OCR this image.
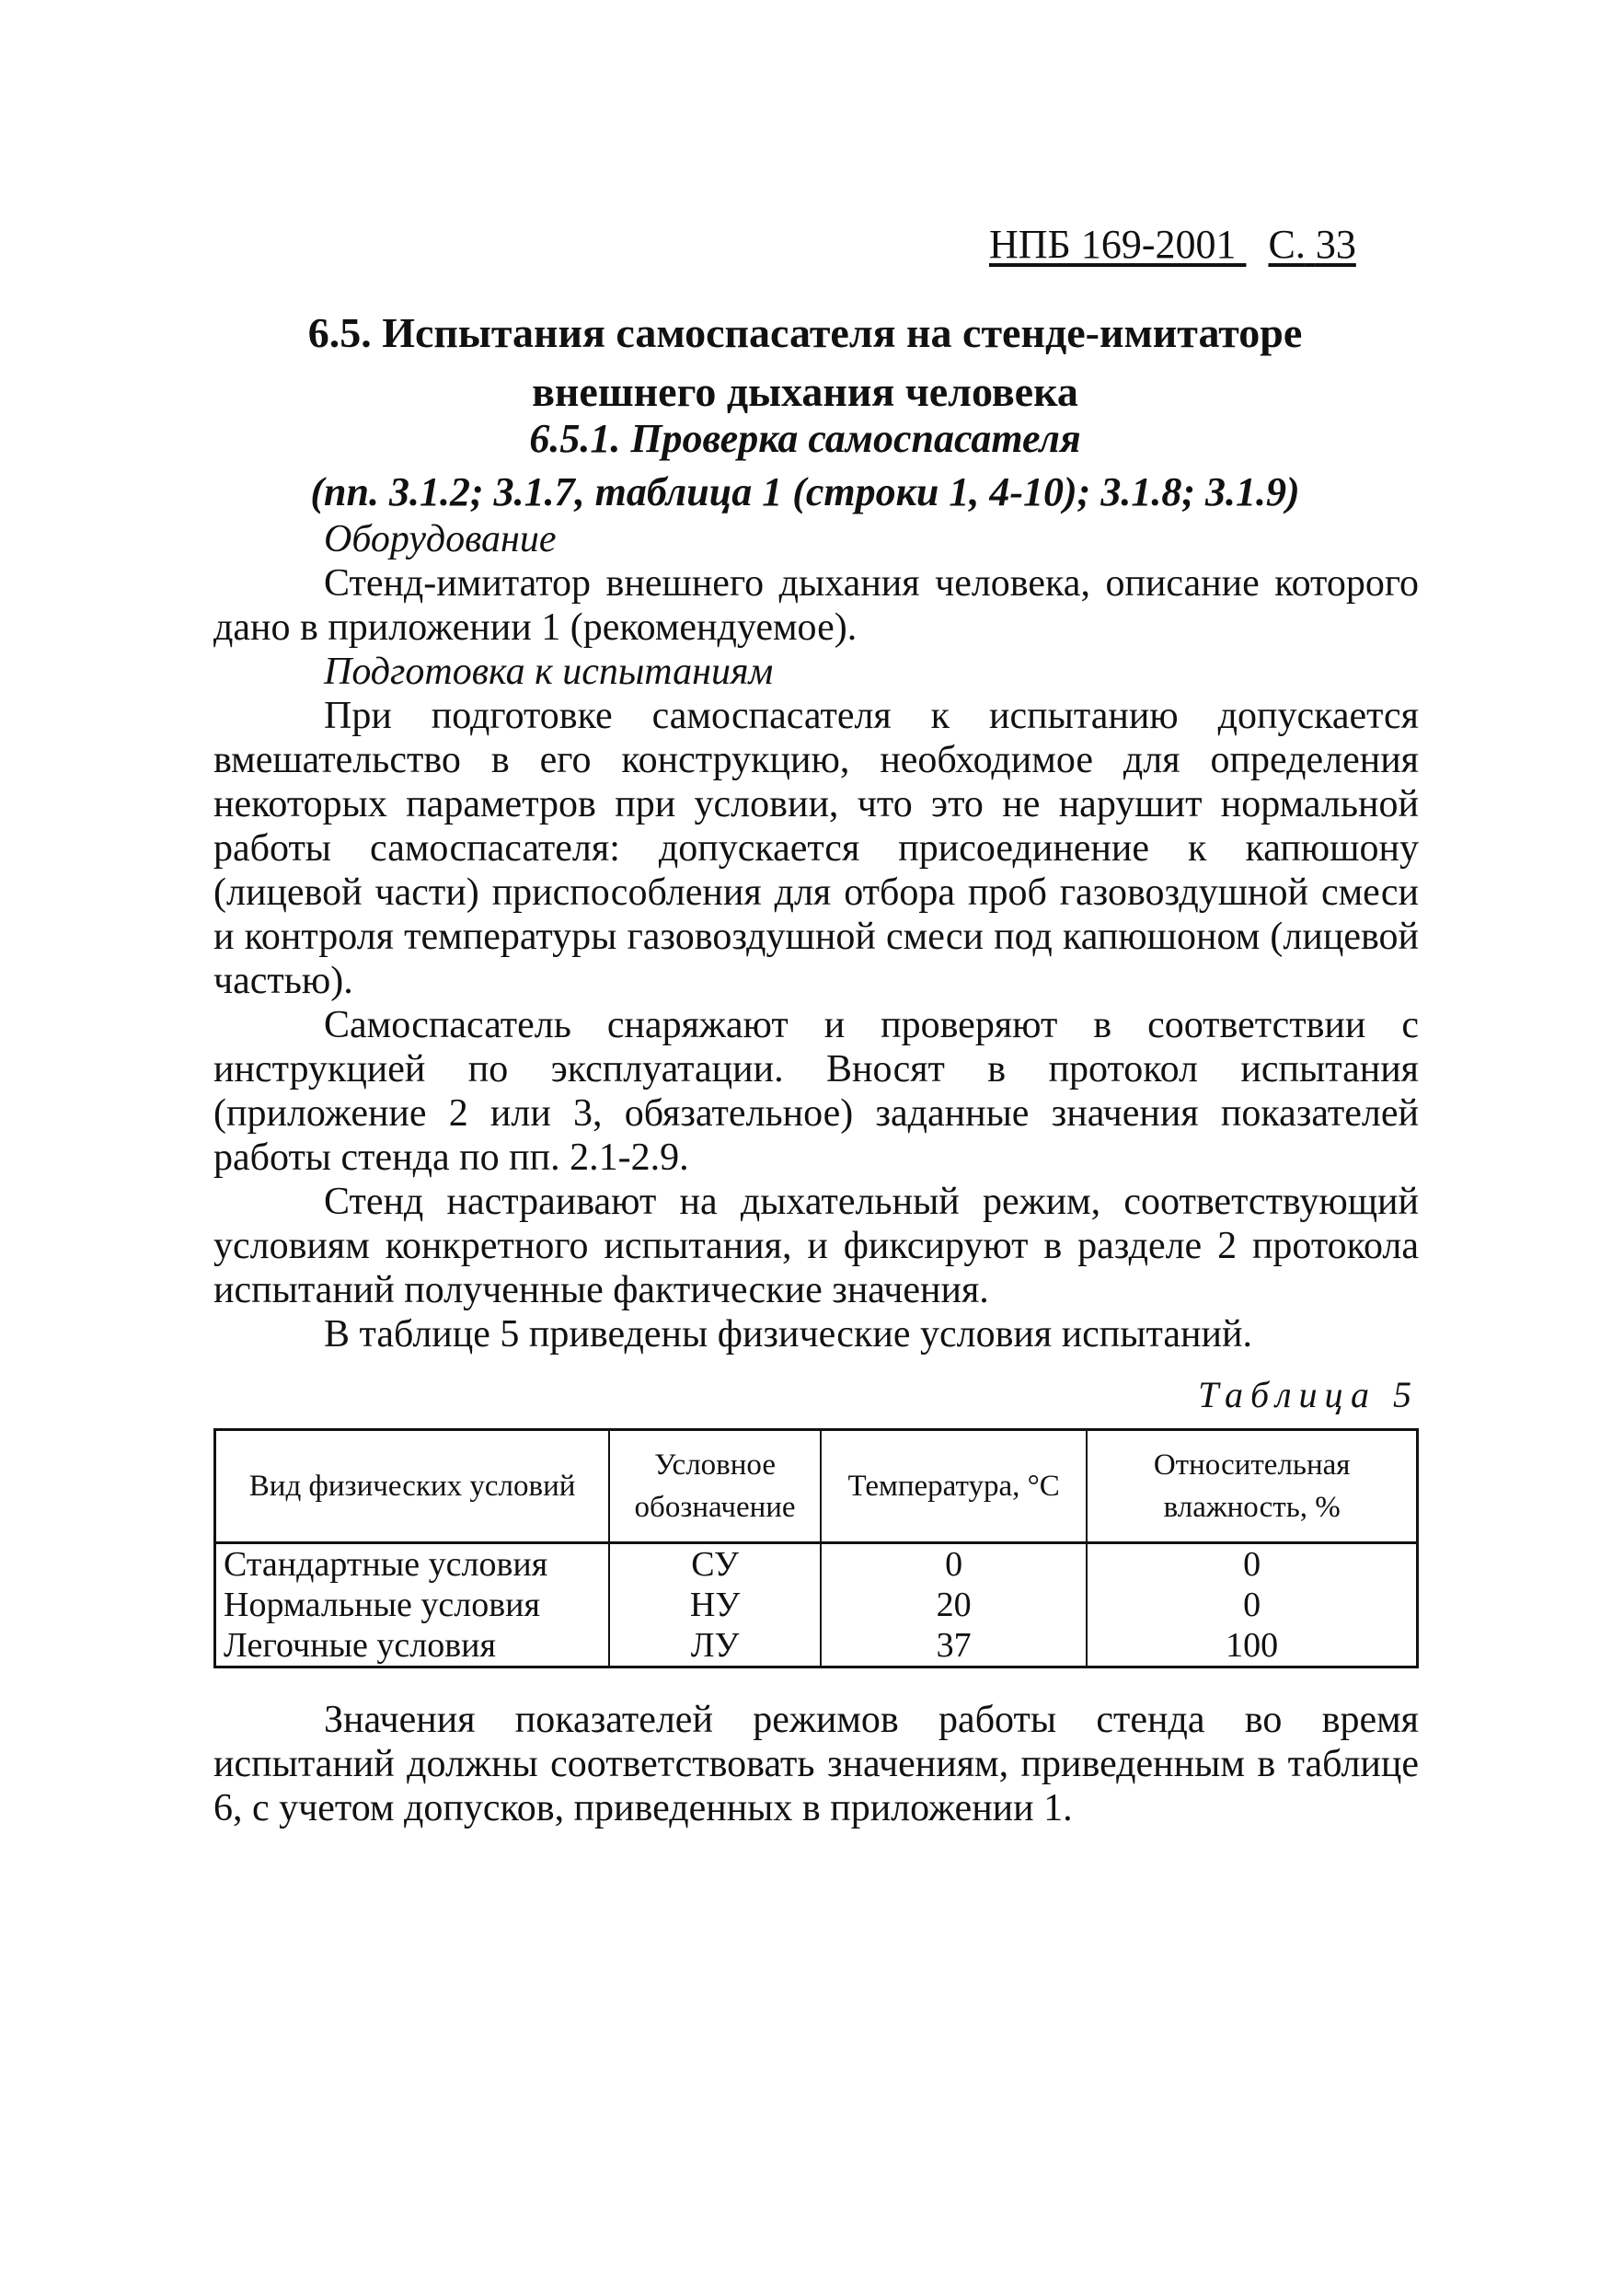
НПБ 169-2001 С. 33
6.5. Испытания самоспасателя на стенде-имитаторе
внешнего дыхания человека
6.5.1. Проверка самоспасателя
(пп. 3.1.2; 3.1.7, таблица 1 (строки 1, 4-10); 3.1.8; 3.1.9)

Оборудование

Стенд-имитатор внешнего дыхания человека, описание которого дано в приложении 1 (рекомендуемое).

Подготовка к испытаниям

При подготовке самоспасателя к испытанию допускается вмешательство в его конструкцию, необходимое для определения некоторых параметров при условии, что это не нарушит нормальной работы самоспасателя: допускается присоединение к капюшону (лицевой части) приспособления для отбора проб газовоздушной смеси и контроля температуры газовоздушной смеси под капюшоном (лицевой частью).

Самоспасатель снаряжают и проверяют в соответствии с инструкцией по эксплуатации. Вносят в протокол испытания (приложение 2 или 3, обязательное) заданные значения показателей работы стенда по пп. 2.1-2.9.

Стенд настраивают на дыхательный режим, соответствующий условиям конкретного испытания, и фиксируют в разделе 2 протокола испытаний полученные фактические значения.

В таблице 5 приведены физические условия испытаний.

Таблица 5
Вид физических условий	Условное обозначение	Температура, °С	Относительная влажность, %
Стандартные условия	СУ	0	0
Нормальные условия	НУ	20	0
Легочные условия	ЛУ	37	100

Значения показателей режимов работы стенда во время испытаний должны соответствовать значениям, приведенным в таблице 6, с учетом допусков, приведенных в приложении 1.
